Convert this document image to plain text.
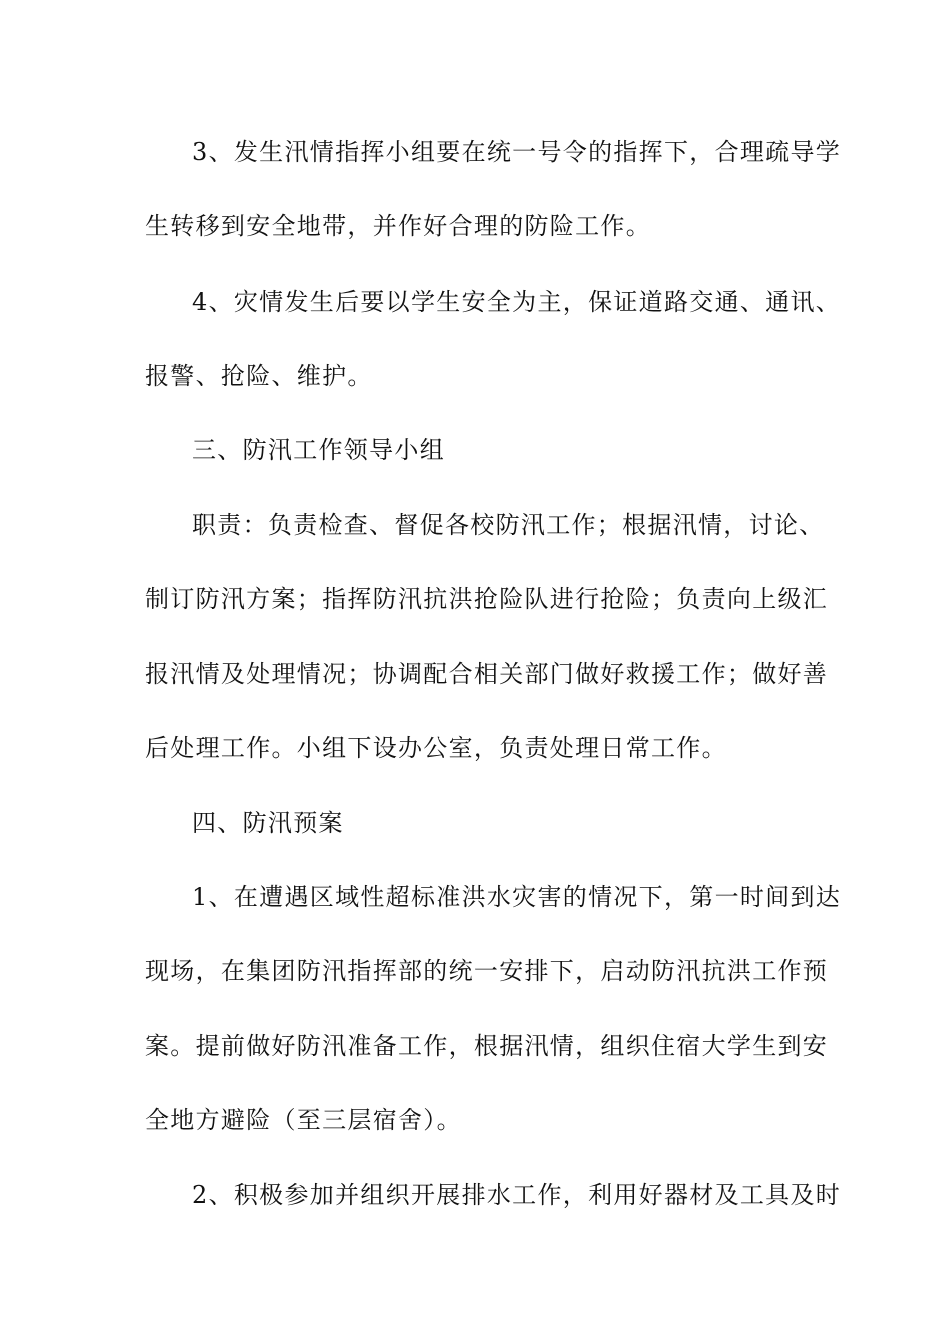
3、发生汛情指挥小组要在统一号令的指挥下，合理疏导学
生转移到安全地带，并作好合理的防险工作。
4、灾情发生后要以学生安全为主，保证道路交通、通讯、
报警、抢险、维护。
三、防汛工作领导小组
职责：负责检查、督促各校防汛工作；根据汛情，讨论、
制订防汛方案；指挥防汛抗洪抢险队进行抢险；负责向上级汇
报汛情及处理情况；协调配合相关部门做好救援工作；做好善
后处理工作。小组下设办公室，负责处理日常工作。
四、防汛预案
1、在遭遇区域性超标准洪水灾害的情况下，第一时间到达
现场，在集团防汛指挥部的统一安排下，启动防汛抗洪工作预
案。提前做好防汛准备工作，根据汛情，组织住宿大学生到安
全地方避险（至三层宿舍）。
2、积极参加并组织开展排水工作，利用好器材及工具及时
